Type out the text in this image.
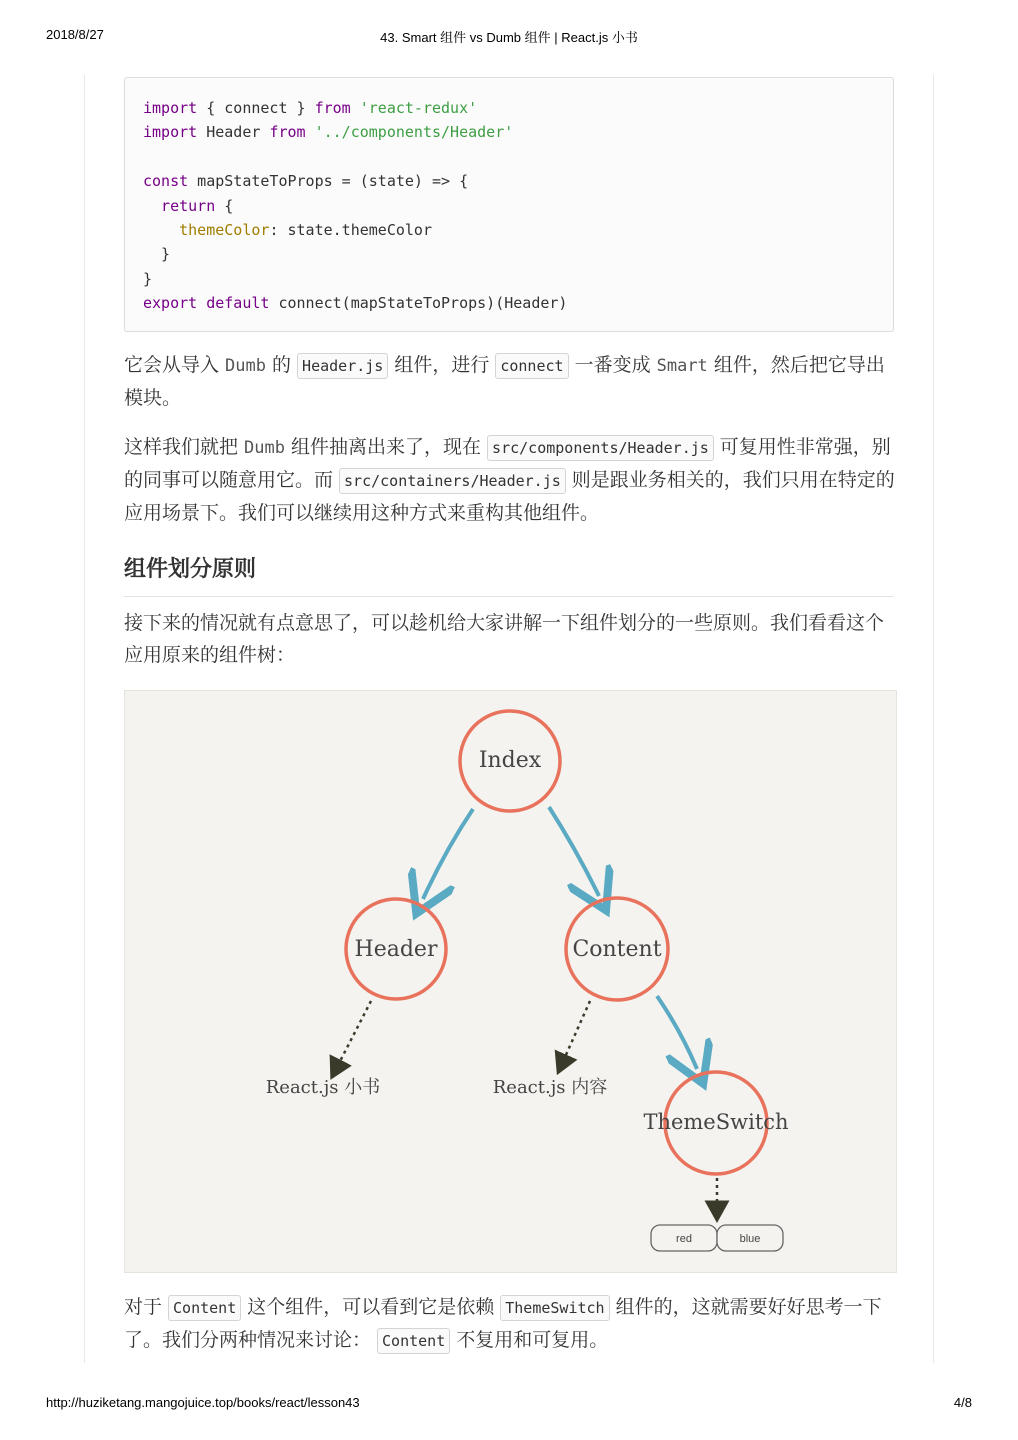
2018/8/27	43. Smart 组件 vs Dumb 组件 | React.js 小书
import { connect } from 'react-redux'
import Header from '../components/Header'

const mapStateToProps = (state) => {
return {
themeColor: state.themeColor
}
}
export default connect(mapStateToProps)(Header)

它会从导入 Dumb 的 Header.js 组件，进行 connect 一番变成 Smart 组件，然后把它导出模块。

这样我们就把 Dumb 组件抽离出来了，现在 src/components/Header.js 可复用性非常强，别的同事可以随意用它。而 src/containers/Header.js 则是跟业务相关的，我们只用在特定的应用场景下。我们可以继续用这种方式来重构其他组件。

组件划分原则

接下来的情况就有点意思了，可以趁机给大家讲解一下组件划分的一些原则。我们看看这个应用原来的组件树：

Index
Header	Content
ThemeSwitch
React.js 小书	React.js 内容
red	blue

对于 Content 这个组件，可以看到它是依赖 ThemeSwitch 组件的，这就需要好好思考一下了。我们分两种情况来讨论： Content 不复用和可复用。

http://huziketang.mangojuice.top/books/react/lesson43	4/8
